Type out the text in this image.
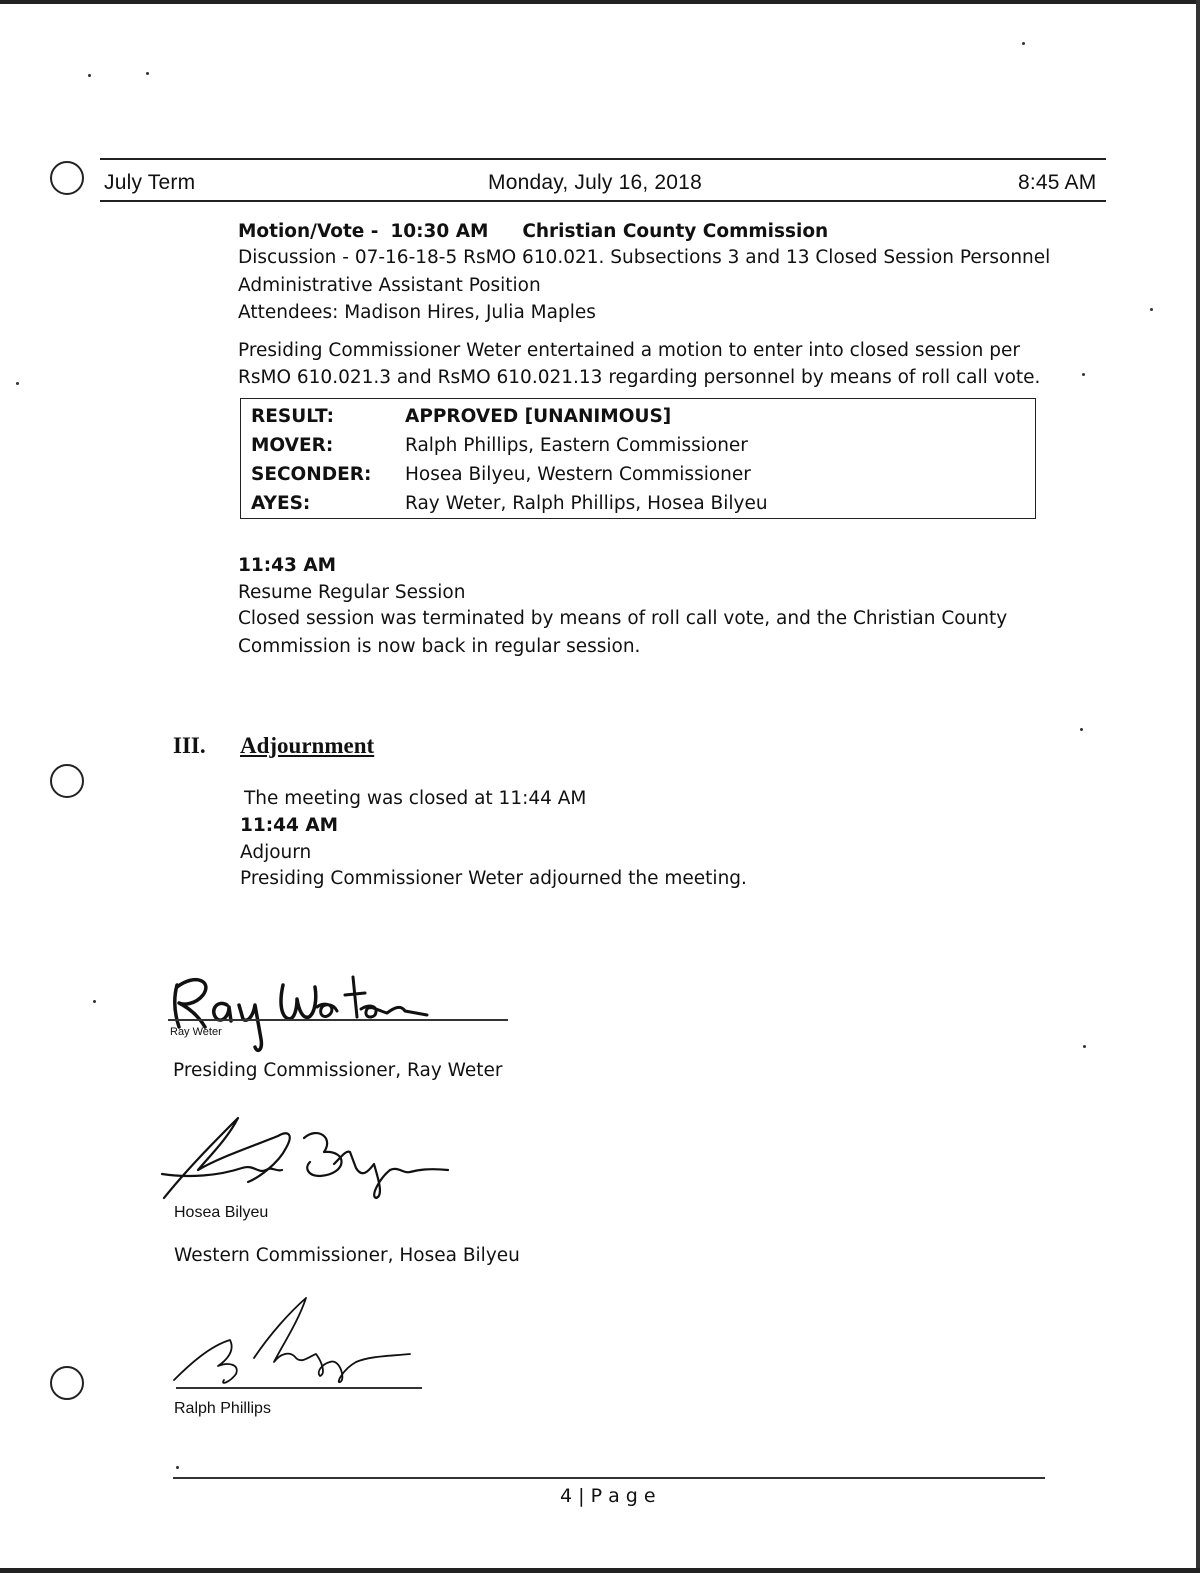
July Term	Monday, July 16, 2018	8:45 AM
Motion/Vote - 10:30 AM Christian County Commission
Discussion - 07-16-18-5 RsMO 610.021. Subsections 3 and 13 Closed Session Personnel
Administrative Assistant Position
Attendees: Madison Hires, Julia Maples
Presiding Commissioner Weter entertained a motion to enter into closed session per
RsMO 610.021.3 and RsMO 610.021.13 regarding personnel by means of roll call vote.
RESULT:	APPROVED [UNANIMOUS]
MOVER:	Ralph Phillips, Eastern Commissioner
SECONDER: Hosea Bilyeu, Western Commissioner
AYES:	Ray Weter, Ralph Phillips, Hosea Bilyeu
11:43 AM
Resume Regular Session
Closed session was terminated by means of roll call vote, and the Christian County
Commission is now back in regular session.
III. Adjournment
The meeting was closed at 11:44 AM
11:44 AM
Adjourn
Presiding Commissioner Weter adjourned the meeting.
Ray Weter
Presiding Commissioner, Ray Weter
Hosea Bilyeu
Western Commissioner, Hosea Bilyeu
Ralph Phillips
4 | P a g e
